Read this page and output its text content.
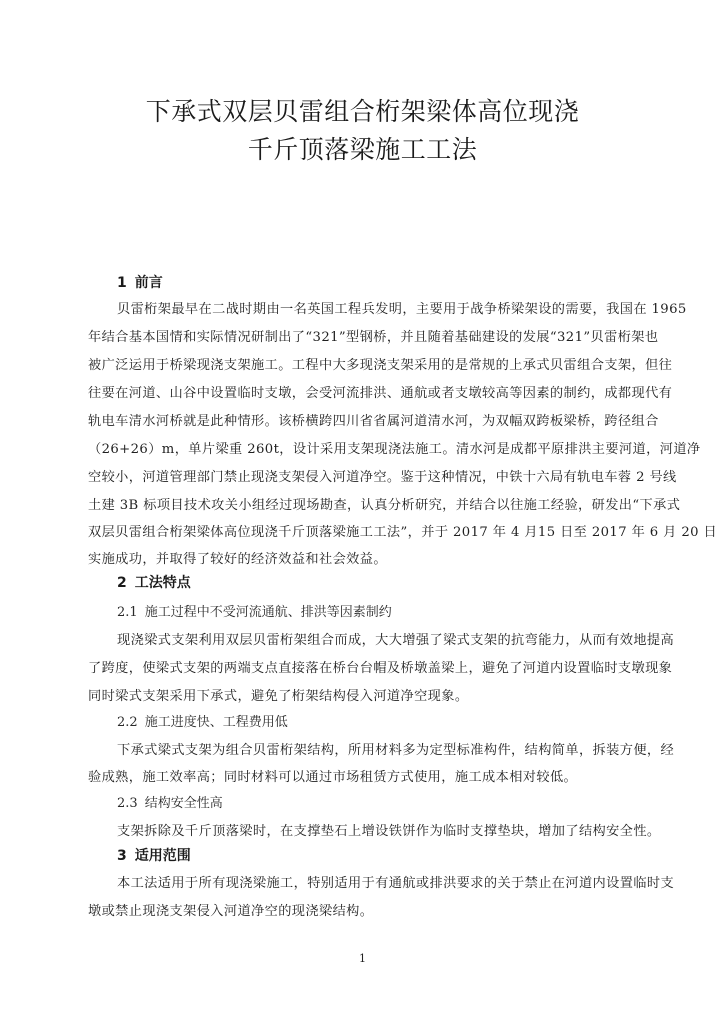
下承式双层贝雷组合桁架梁体高位现浇
千斤顶落梁施工工法
1 前言
贝雷桁架最早在二战时期由一名英国工程兵发明，主要用于战争桥梁架设的需要，我国在 1965
年结合基本国情和实际情况研制出了“321”型钢桥，并且随着基础建设的发展“321”贝雷桁架也
被广泛运用于桥梁现浇支架施工。工程中大多现浇支架采用的是常规的上承式贝雷组合支架，但往
往要在河道、山谷中设置临时支墩，会受河流排洪、通航或者支墩较高等因素的制约，成都现代有
轨电车清水河桥就是此种情形。该桥横跨四川省省属河道清水河，为双幅双跨板梁桥，跨径组合
（26+26）m，单片梁重 260t，设计采用支架现浇法施工。清水河是成都平原排洪主要河道，河道净
空较小，河道管理部门禁止现浇支架侵入河道净空。鉴于这种情况，中铁十六局有轨电车蓉 2 号线
土建 3B 标项目技术攻关小组经过现场勘查，认真分析研究，并结合以往施工经验，研发出“下承式
双层贝雷组合桁架梁体高位现浇千斤顶落梁施工工法”，并于 2017 年 4 月15 日至 2017 年 6 月 20 日
实施成功，并取得了较好的经济效益和社会效益。
2 工法特点
2.1 施工过程中不受河流通航、排洪等因素制约
现浇梁式支架利用双层贝雷桁架组合而成，大大增强了梁式支架的抗弯能力，从而有效地提高
了跨度，使梁式支架的两端支点直接落在桥台台帽及桥墩盖梁上，避免了河道内设置临时支墩现象
同时梁式支架采用下承式，避免了桁架结构侵入河道净空现象。
2.2 施工进度快、工程费用低
下承式梁式支架为组合贝雷桁架结构，所用材料多为定型标准构件，结构简单，拆装方便，经
验成熟，施工效率高；同时材料可以通过市场租赁方式使用，施工成本相对较低。
2.3 结构安全性高
支架拆除及千斤顶落梁时，在支撑垫石上增设铁饼作为临时支撑垫块，增加了结构安全性。
3 适用范围
本工法适用于所有现浇梁施工，特别适用于有通航或排洪要求的关于禁止在河道内设置临时支
墩或禁止现浇支架侵入河道净空的现浇梁结构。
1
